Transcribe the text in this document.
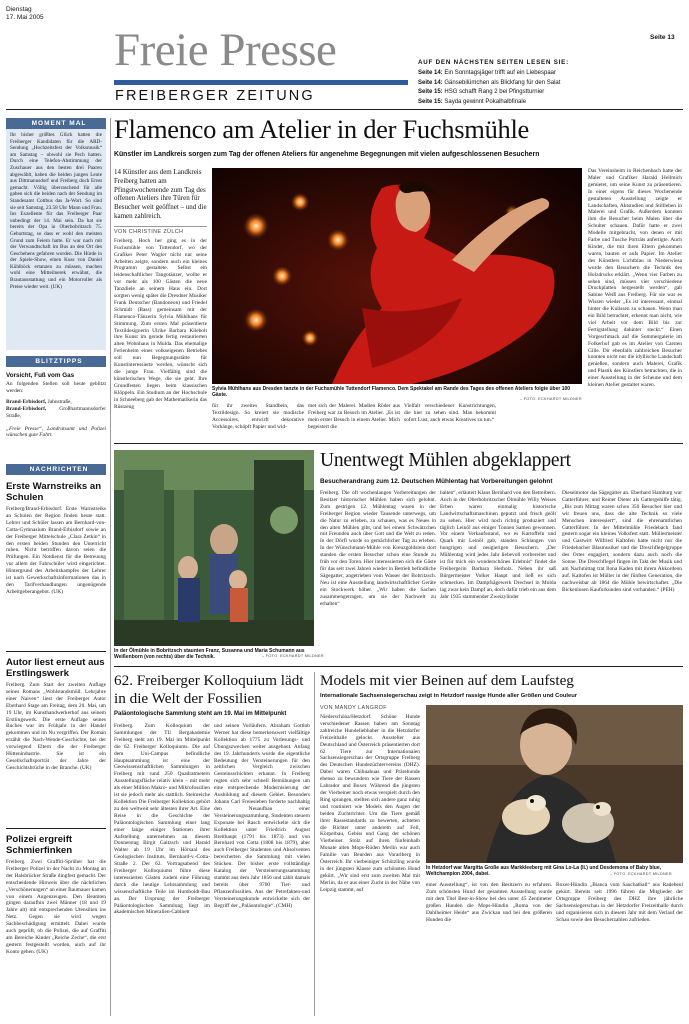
Dienstag
17. Mai 2005
Freie Presse
FREIBERGER ZEITUNG
Seite 13
AUF DEN NÄCHSTEN SEITEN LESEN SIE:
Seite 14: Ein Sonntagsjäger trifft auf ein Liebespaar
Seite 14: Gänsebilümchen als Blickfang für den Salat
Seite 15: HSG schafft Rang 2 bei Pfingstturnier
Seite 15: Sayda gewinnt Pokalhalbfinale
MOMENT MAL
Ihr bisher größtes Glück hatten die Freiberger Kandidaten für die ARD-Sendung „Hochzeitsfest der Volksmusik“ am Samstag – obwohl sie Pech hatten. Durch eine Telefon-Abstimmung der Zuschauer aus den besten drei Paaren abgewählt, haben die beiden jungen Leute aus Dittmannsdorf und Freiberg doch Ernst gemacht. Völlig überraschend für alle gaben sich die beiden nach der Sendung im Standesamt Cottbus das Ja-Wort. So sind sie seit Samstag, 23.58 Uhr Mann und Frau. Ins Exzellente für das Freiberger Paar unbedingt der 14. Mai sein. Da hat sie bereits der Opa in Oberbobritzsch 75. Geburtstag, so dass er wohl den meisten Grund zum Feiern hatte. Er war nach mit der Verwandtschaft im Bus an den Ort des Geschehens gefahren worden. Die Hürde in der Spiele-Show, einen Kuss von Daniel Kühlböck ertanzen zu müssen, machen wohl eine Mitteilnerek erwähnt, die Brautausstattung und ein Motorroller als Preise wieder weit. (UK)
BLITZTIPPS
Vorsicht, Fuß vom Gas
An folgenden Stellen soll heute geblitzt werden:
Brand-Erbisdorf, Jahnstraße,
Brand-Erbisdorf, Großhartmannsdorfer Straße,
„Freie Presse“, Landratsamt und Polizei wünschen gute Fahrt.
NACHRICHTEN
Erste Warnstreiks an Schulen
Freiberg/Brand-Erbisdorf. Erste Warnstreiks an Schulen der Region finden heute statt. Lehrer und Schüler lassen am Bernhard-von-Cotta-Gymnasium Brand-Erbisdorf sowie an der Freiberger Mittelschule „Clara Zetkin“ in den ersten beiden Stunden den Unterricht ruhen. Nicht betroffen davon seien die Prüfungen. Ein Notdienst für die Betreuung vor allem der Fahrschüler wird eingerichtet. Hintergrund des Arbeitskampfes der Lehrer ist nach Gewerkschaftsinformationen das in den Tarifverhandlungen ungenügende Arbeitgeberangebot. (UK)
Autor liest erneut aus Erstlingswerk
Freiberg. Zum Start der zweiten Auflage seines Romans „Wohlstandsmüll. Lehrjahre einer Naiven“ liest der Freiberger Autor Eberhard Stage am Freitag, dem 20. Mai, um 19 Uhr, im Kunsthandwerkerhof aus seinem Erstlingswerk. Die erste Auflage seines Buches war im Frühjahr in der Handel gekommen und im Nu vergriffen. Der Roman erzählt die Nach-Wende-Geschichte, bei der vorwiegend Eltern die der Freiberger Hüttenindustrie. Sie ist ein Gesellschaftsporträt der Jahre der Geschichtsbrüche in der Branche. (UK)
Polizei ergreift Schmierfinken
Freiberg. Zwei Graffiti-Sprüher hat die Freiberger Polizei in der Nacht zu Montag an der Halsbrücker Straße dingfest gemacht. Der entscheidende Hinweis über die nächtlichen „Verschönerungen“ an einer Baumauer kamen von einem Augenzeugen. Den Beamten gingen daraufhin zwei Männer (18 und 19 Jahre alt) mit entsprechenden Utensilien ins Netz. Gegen sie wird wegen Sachbeschädigung ermittelt. Dabei wurde auch geprüft, ob die Polizei, die auf Graffiti am Bereiche Kinder „Reiche Zeche“, die erst gestern festgestellt worden, auch auf ihr Konto gehen. (UK)
Flamenco am Atelier in der Fuchsmühle
Künstler im Landkreis sorgen zum Tag der offenen Ateliers für angenehme Begegnungen mit vielen aufgeschlossenen Besuchern
14 Künstler aus dem Landkreis Freiberg hatten am Pfingstwochenende zum Tag des offenen Ateliers ihre Türen für Besucher weit geöffnet – und die kamen zahlreich.
VON CHRISTINE ZÜLCH
Freiberg. Hoch her ging es in der Fuchsmühle von Tuttendorf, wo der Grafiker Peter Wagler nicht nur seine Arbeiten zeigte, sondern auch ein kleines Programm gestaltete. Selbst ein leidenschaftlicher Tangotänzer, wollte er vor mehr als 100 Gästen die neue Tanzdiele an seinem Haus ein. Dort sorgten wenig später die Dresdner Musiker Frank Deutscher (Bandoneon) und Friedel Schmidt (Bass) gemeinsam mit der Flamenco-Tänzerin Sylvia Mühlhans für Stimmung. Zum ersten Mal präsentierte Textildesignerin Ulrike Barbara Kilebolt ihre Kunst im gerade fertig restaurierten alten Wohnhaus in Mulda. Das ehemalige Ferienheim eines volkseigenen Betriebes soll nun Begegnungsstätte für Kunstinteressierte werden, wünscht sich die junge Frau. Vielfältig sind die künstlerischen Wege, die sie geht. Ihre Grundfesten liegen beim klassischen Klöppeln. Ein Studium an der Hochschule in Schneeberg gab der Mathematikerin das Rüstzeug
Sylvia Mühlhans aus Dresden tanzte in der Fuchsmühle Tuttendorf Flamenco. Dem Spektakel am Rande des Tages des offenen Ateliers folgte über 100 Gäste.
– FOTO: ECKHARDT MILDNER
für ihr zweites Standbein, das Textildesign. So kreiert sie modische Accessoires, entwirft dekorative Vorhänge, schöpft Papier und wid-
met sich der Malerei. Madlen Röder aus Freiberg war zu Besuch im Atelier. „Es ist mein erster Besuch in einem Atelier. Mich begeistert die
Vielfalt verschiedener Kunstrichtungen, die hier zu sehen sind. Man bekommt sofort Lust, auch etwas Kreatives zu tun.“
Das Vereinsheim in Reichenbach hatte der Maler und Grafiker Harald Hellmich gemietet, um seine Kunst zu präsentieren. In einer eigens für dieses Wochenende gestalteten Ausstellung zeigte er Landschaften, Aktstudien und Stillleben in Malerei und Grafik. Außerdem konnten ihm die Besucher beim Malen über die Schulter schauen. Dafür hatte er zwei Modelle mitgebracht, von denen er mit Farbe und Tusche Porträts anfertigte. Auch Kinder, die mit ihren Eltern gekommen waren, bauten er aufs Papier. Im Atelier des Künstlers Lichtblau in Niederwiesa wurde den Besuchern die Technik des Holzdrucks erklärt. „Wenn vier Farben zu sehen sind, müssen vier verschiedene Druckplatten hergestellt werden“, gab Sabine Weiß aus Freiberg. Für sie war es Wissen wieder „Es ist interessant, einmal hinter die Kulissen zu schauen. Wenn man ein Bild betrachtet, erkennt man nicht, wie viel Arbeit vor dem Bild bis zur Fertigstellung dahinter steckt.“ Einen Vorgeschmack auf die Sommergalerie im Folkerhof gab es im Atelier von Carsten Gille. Dir ebenfalls zahlreichen Besucher konnten nicht nur die idyllische Landschaft genießen, sondern auch Malerei, Grafik und Plastik des Künstlers betrachten, die in einer Ausstellung in der Scheune und dem kleinen Atelier gestaltet waren.
In der Ölmühle in Bobritzsch staunten Franz, Susanna und Maria Schumann aus Weißenborn (von rechts) über die Technik.	– FOTO: ECKHARDT MILDNER
Unentwegt Mühlen abgeklappert
Besucherandrang zum 12. Deutschen Mühlentag hat Vorbereitungen gelohnt
Freiberg. Die oft wochenlangen Vorbereitungen der Besitzer historischer Mühlen haben sich gelohnt. Zum gestrigen 12. Mühlentag waren in der Freiberger Region wieder Tausende unterwegs, um die Natur zu erleben, zu schauen, was es Neues in den alten Mühlen gibt, und bei einem Schwätzchen mit Freunden auch über Gott und die Welt zu reden. In der Dörfl wurde so gemächlicher Tag zu erleben. In der Wünschmann-Mühle von Kreuzgoldstein dort standen die ersten Besucher schon eine Stunde zu früh vor den Toren. Hier interessierten sich die Gäste für das seit zwei Jahren wieder in Betrieb befindliche Sägegatter, angetrieben vom Wasser der Bobritzsch. Neu ist eine Ausstellung landwirtschaftlicher Geräte ein Stockwerk höher. „Wir haben die Sachen zusammengetragen, um sie der Nachwelt zu erhalten“
halten“, erläutert Klaus Bernhard von den Betreibern. Auch in der Oberbobritzscher Ölmühle Willy Weises Erben waren einmalig historische Landwirtschaftsmaschinen geputzt und frisch geölt zu sehen. Hier wird noch richtig produziert und täglich Leinöl aus einiger Tonnen Samen gewonnen. Vor einem Verkaufsstand, wo es Kartoffeln und Quark mit Leinöl gab, standen Schlangen von hungrigen und neugierigen Besuchern. „Der Mühlentag wird jedes Jahr liebevoll vorbereitet und ist für mich ein wunderschönes Erlebnis“ findet die Freibergerin Barbara Herholz. Neben ihr saß Bürgermeister Volker Haupt und ließ es sich schmecken. Im Dampfsägewerk Drechsel in Mulda lag zwar kein Dampf an, doch dafür trieb ein aus dem Jahr 1935 stammender Zweizylinder
Dieselmotor das Sägegatter an. Eberhard Hamburg war Gatterführer, und Reiner Dieter als Gattergehilfe tätig. „Bis zum Mittag waren schon 350 Besucher hier und wir freuen uns, dass die alte Technik so viele Menschen interessiert“, sind die ehrenamtlichen Gatterführer. In der Mittelmühle Friedebach fand gestern sogar ein kleines Volksfest statt. Müllermeister und Gastwirt Wilfried Kaltofen hatte nicht nur die Friedebacher Blasmusiker und die Dreschflegelgruppe des Ortes engagiert, sondern dazu auch noch die Sonne. Die Dreschflegel fingen im Takt der Musik und am Nachmittag trat Ilona Kaden mit ihrem Akkordeon auf. Kaltofen ist Müller in der fünften Generation, die nachweisbar ab 1864 die Mühle bewirtschaftet. „Die Bickenlosen Kaufurkunden sind vorhanden.“ (PEH)
62. Freiberger Kolloquium lädt in die Welt der Fossilien
Paläontologische Sammlung steht am 19. Mai im Mittelpunkt
Freiberg. Zum Kolloquium der Sammlungen der TU Bergakademie Freiberg steht am 19. Mai im Mittelpunkt die 62. Freiberger Kolloquiums. Die auf dem Uni-Campus befindliche Hauptsammlung ist eine der Geowissenschaftlichen Sammlungen in Freiberg mit rund 250 Quadratmetern Ausstellungsfläche relativ klein – mit mehr als einer Million Makro- und Mikrofossilien ist sie jedoch mehr als stattlich. Steinreiche Kollektion Die Freiberger Kollektion gehört zu den weltweit sehr ältesten ihrer Art. Eine Reise in die Geschichte der Paläontologischen Sammlung einer lang einer lange einiger Stationen ihrer Aufstellung unternehmen an diesem Donnerstag Birgit Gaitzsch und Harald Walter ab 19 Uhr im Hörsaal des Geologischen Instituts, Bernhard-v.-Cotta-Straße 2. Der 62. Vortragsabend des Freiberger Kolloquiums führe diese interessierten Gästen zudem eine Führung durch die heutige Lehrsammlung und wissenschaftliche Teile im Humboldt-Bau an. Der Ursprung der Freiberger Paläontologischen Sammlung liegt im akademischen Mineralien-Cabinett
und seinen Vorläufern. Abraham Gottlob Werner hat diese bemerkenswert vielfältige Kollektion ab 1775 zu Vorlesungs- und Übungszwecken weiter ausgebaut. Anfang des 19. Jahrhunderts wurde die eigentliche Bedeutung der Versteinerungen für den zeitlichen Vergleich zwischen Gesteinsschichten erkannt. In Freiberg regten sich sehr schnell Bemühungen um eine entsprechende Modernisierung der Ausbildung auf diesem Gebiet. Besonders Johann Carl Freiesleben forderte nachhaltig den Neuaufbau einer Versteinerungssammlung. Studenten steuern Exponate bei Rasch entwickelte sich die Kollektion unter Friedrich August Breithaupt (1791 bis 1873) und von Bernhard von Cotta (1808 bis 1879), aber auch Freiberger Studenten und Absolventen bereicherten die Sammlung mit vielen Stücken. Der bisher erste vollständige Katalog der Versteinerungssammlung stammt aus dem Jahr 1856 und zählt damals bereits über 9700 Tier- und Pflanzenfossilien. Aus der Petrefakten-und Versteinerungskunde entwickelte sich der Begriff der „Paläontologie“. (CMH)
Models mit vier Beinen auf dem Laufsteg
Internationale Sachsensiegerschau zeigt in Hetzdorf rassige Hunde aller Größen und Couleur
VON MANDY LANGROF
Niederschöna/Hetzdorf. Schöne Hunde verschiedener Rassen haben am Sonntag zahlreiche Hundeliebhaber in die Hetzdorfer Freizeithalle gelockt. Aussteller aus Deutschland und Österreich präsentierten dort 62 Tiere zur Internationalen Sachsensiegerschau der Ortsgruppe Freiberg des Deutschen Hundezüchtervereins (DHZ). Dabei waren Chihuahuas und Prärehunde ebenso zu bewundern wie Tiere der Rassen Labrador und Boxer. Während die jüngsten der Vierbeiner noch etwas verspielt durch den Ring sprangen, stellten sich andere ganz ruhig und routiniert wie Models den Augen der beiden Zuchtrichter. Um die Tiere gemäß ihrer Rassestandards zu bewerten, achteten die Richter unter anderem auf Fell, Körperbau, Gebiss und Gang der schönen Vierbeiner. Stolz auf ihren fünfeinhalb Monate alten Mops-Rüden Merlin war auch Familie van Beurden aus Vorarlberg in Österreich. Ihr vierbeiniger Schützling wurde in der jüngsten Klasse zum schönsten Hund gekürt. „Wir sind erst zum zweiten Mal mit Merlin, da er aus einer Zucht in der Nähe von Leipzig stammt, auf
In Hetzdorf war Margitta Große aus Markkleeberg mit Gina Lo-La (li.) und Desdemona of Baby blue, Weltchampion 2004, dabei.	– FOTO: ECKHARDT MILDNER
einer Ausstellung“, ist von den Besitzern zu erfahren. Zum schönsten Hund der gesamten Ausstellung wurde mit dem Titel Best-in-Show bei den unter 45 Zentimeter großen Hunden die Mops-Hündin „Roma von der Dahlheimer Heide“ aus Zwickau und bei den größeren Hunden die
Boxer-Hündin „Bianca vom Sauchatball“ aus Radebeul gekürt. Bereits seit 1996 führen die Mitglieder der Ortsgruppe Freiberg des DHZ ihre jährliche Sachsensiegerschau in der Hetzdorfer Freizeithalle durch und organisieren sich in diesem Jahr mit dem Verlauf der Schau sowie den Besucherzahlen zufrieden.
